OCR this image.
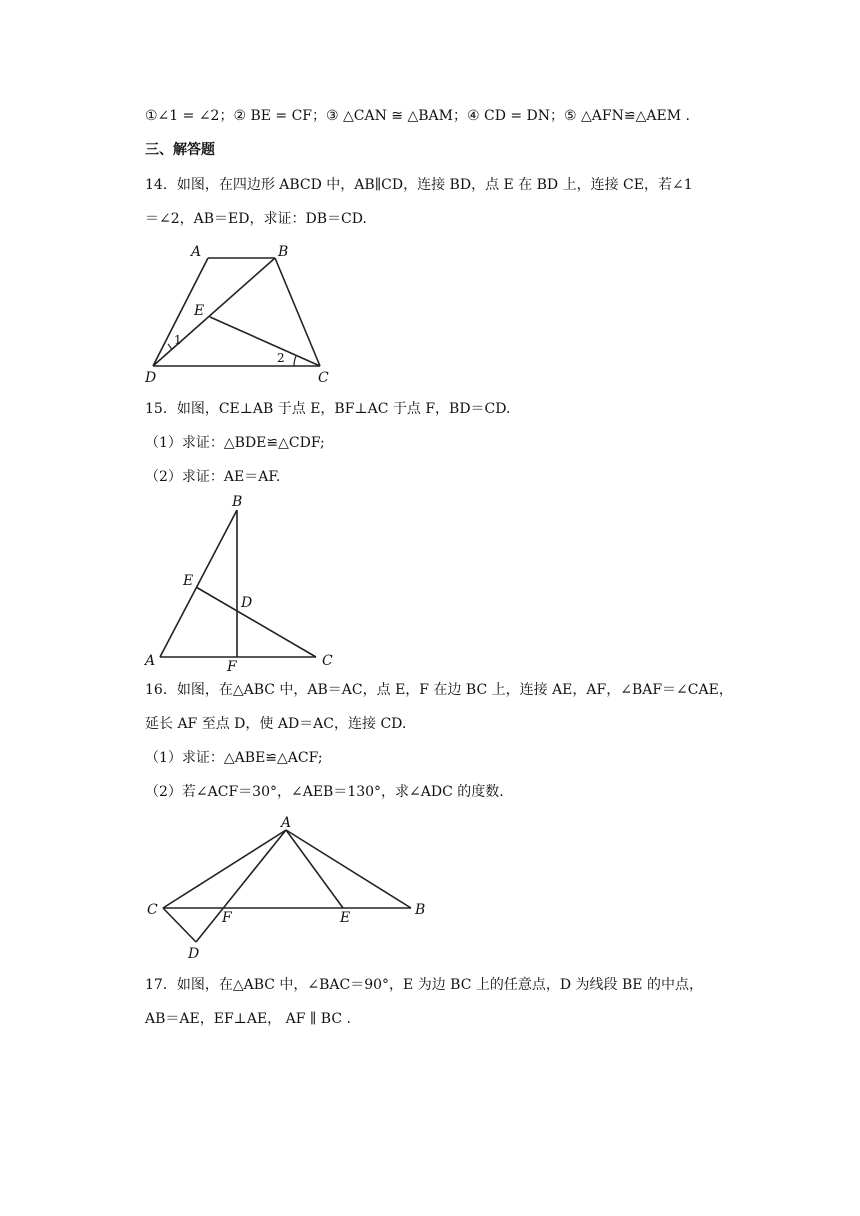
①∠1 = ∠2；② BE = CF；③ △CAN ≅ △BAM；④ CD = DN；⑤ △AFN≌△AEM .
三、解答题
14．如图，在四边形 ABCD 中，AB∥CD，连接 BD，点 E 在 BD 上，连接 CE，若∠1
＝∠2，AB＝ED，求证：DB＝CD.
15．如图，CE⊥AB 于点 E，BF⊥AC 于点 F，BD＝CD.
（1）求证：△BDE≌△CDF;
（2）求证：AE＝AF.
16．如图，在△ABC 中，AB＝AC，点 E，F 在边 BC 上，连接 AE，AF，∠BAF＝∠CAE，
延长 AF 至点 D，使 AD＝AC，连接 CD.
（1）求证：△ABE≌△ACF;
（2）若∠ACF＝30°，∠AEB＝130°，求∠ADC 的度数.
17．如图，在△ABC 中，∠BAC＝90°，E 为边 BC 上的任意点，D 为线段 BE 的中点，
AB＝AE，EF⊥AE， AF ∥ BC .
A	B
C
D
E
1
2
B
E
D
A	F	C
A
C	F	E	B
D
